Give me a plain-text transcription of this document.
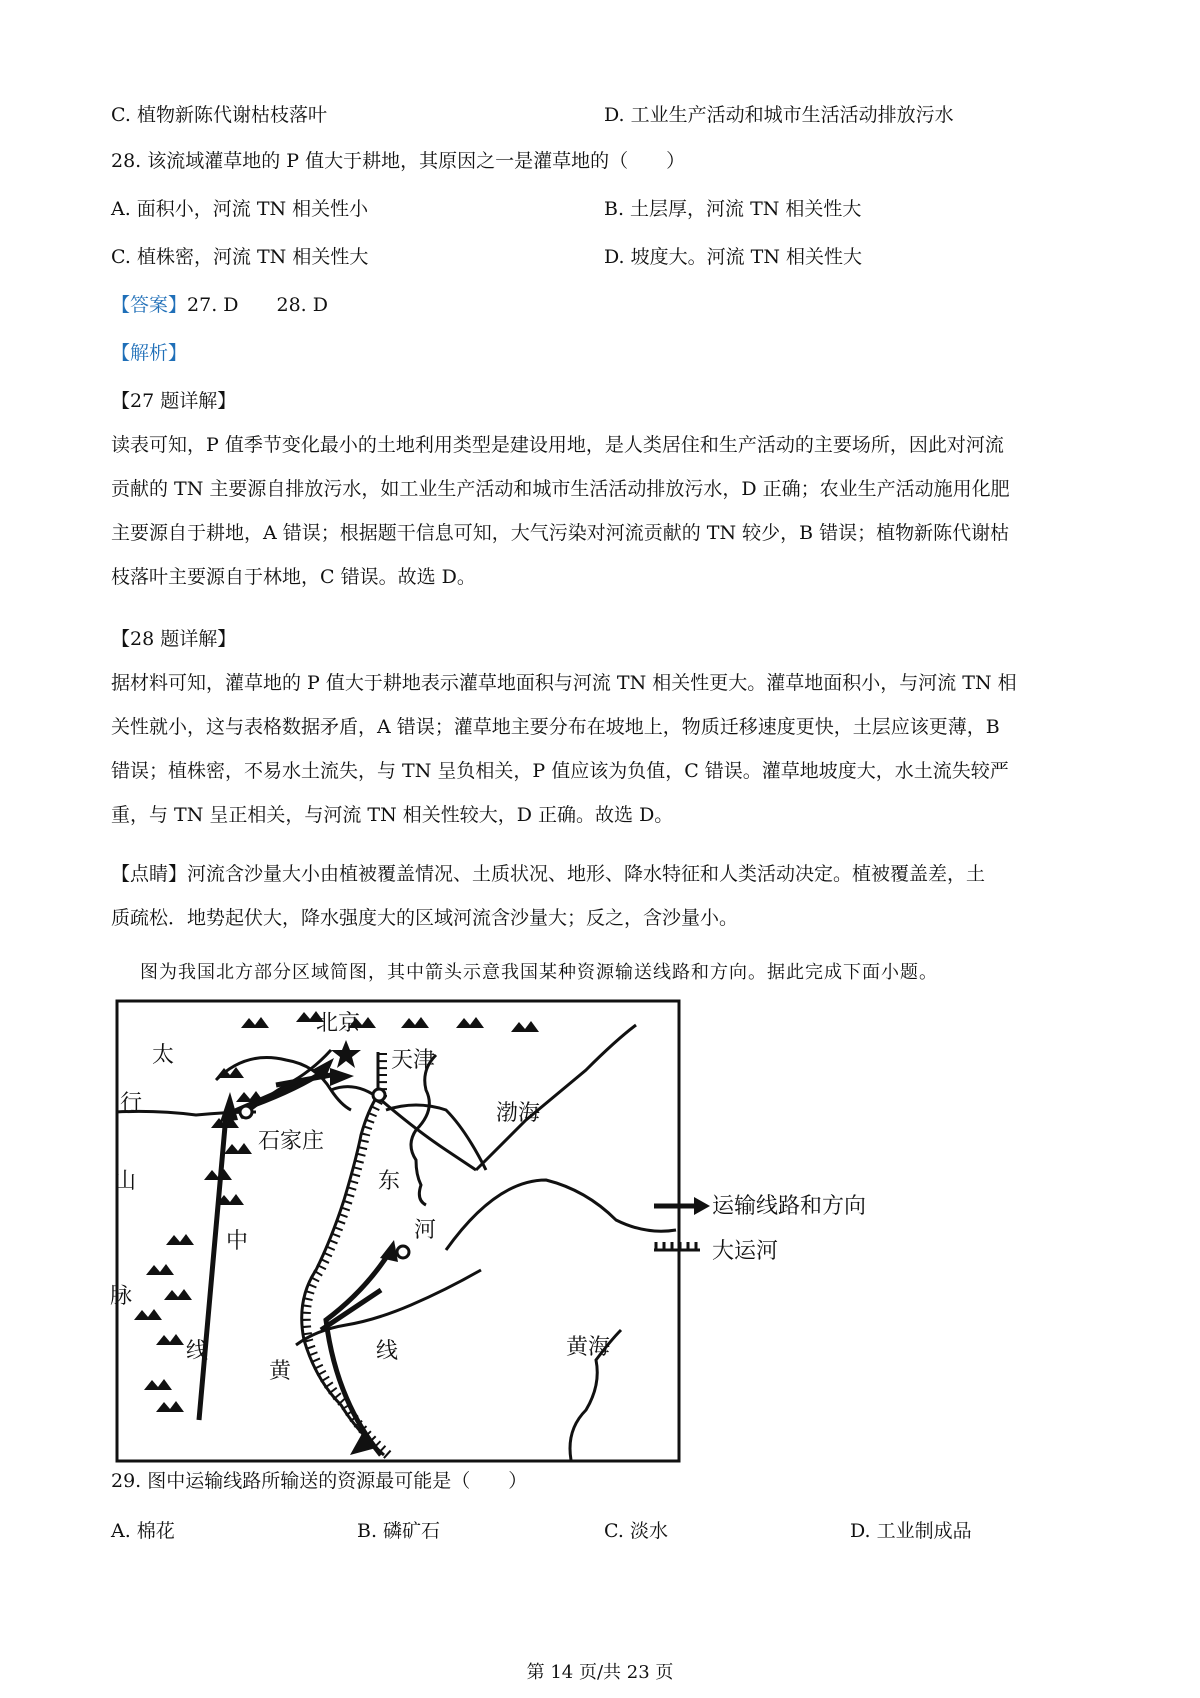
C. 植物新陈代谢枯枝落叶	D. 工业生产活动和城市生活活动排放污水
28. 该流域灌草地的 P 值大于耕地，其原因之一是灌草地的（　　）
A. 面积小，河流 TN 相关性小	B. 土层厚，河流 TN 相关性大
C. 植株密，河流 TN 相关性大	D. 坡度大。河流 TN 相关性大
【答案】27. D　　28. D
【解析】
【27 题详解】
读表可知，P 值季节变化最小的土地利用类型是建设用地，是人类居住和生产活动的主要场所，因此对河流
贡献的 TN 主要源自排放污水，如工业生产活动和城市生活活动排放污水，D 正确；农业生产活动施用化肥
主要源自于耕地，A 错误；根据题干信息可知，大气污染对河流贡献的 TN 较少，B 错误；植物新陈代谢枯
枝落叶主要源自于林地，C 错误。故选 D。
【28 题详解】
据材料可知，灌草地的 P 值大于耕地表示灌草地面积与河流 TN 相关性更大。灌草地面积小，与河流 TN 相
关性就小，这与表格数据矛盾，A 错误；灌草地主要分布在坡地上，物质迁移速度更快，土层应该更薄，B
错误；植株密，不易水土流失，与 TN 呈负相关，P 值应该为负值，C 错误。灌草地坡度大，水土流失较严
重，与 TN 呈正相关，与河流 TN 相关性较大，D 正确。故选 D。
【点睛】河流含沙量大小由植被覆盖情况、土质状况、地形、降水特征和人类活动决定。植被覆盖差，土
质疏松．地势起伏大，降水强度大的区域河流含沙量大；反之，含沙量小。
图为我国北方部分区域简图，其中箭头示意我国某种资源输送线路和方向。据此完成下面小题。
北京
天津
渤海
石家庄
太
行
山
脉
中
线
东
河
线
黄
黄海
运输线路和方向
大运河
29. 图中运输线路所输送的资源最可能是（　　）
A. 棉花	B. 磷矿石	C. 淡水	D. 工业制成品
第 14 页/共 23 页
